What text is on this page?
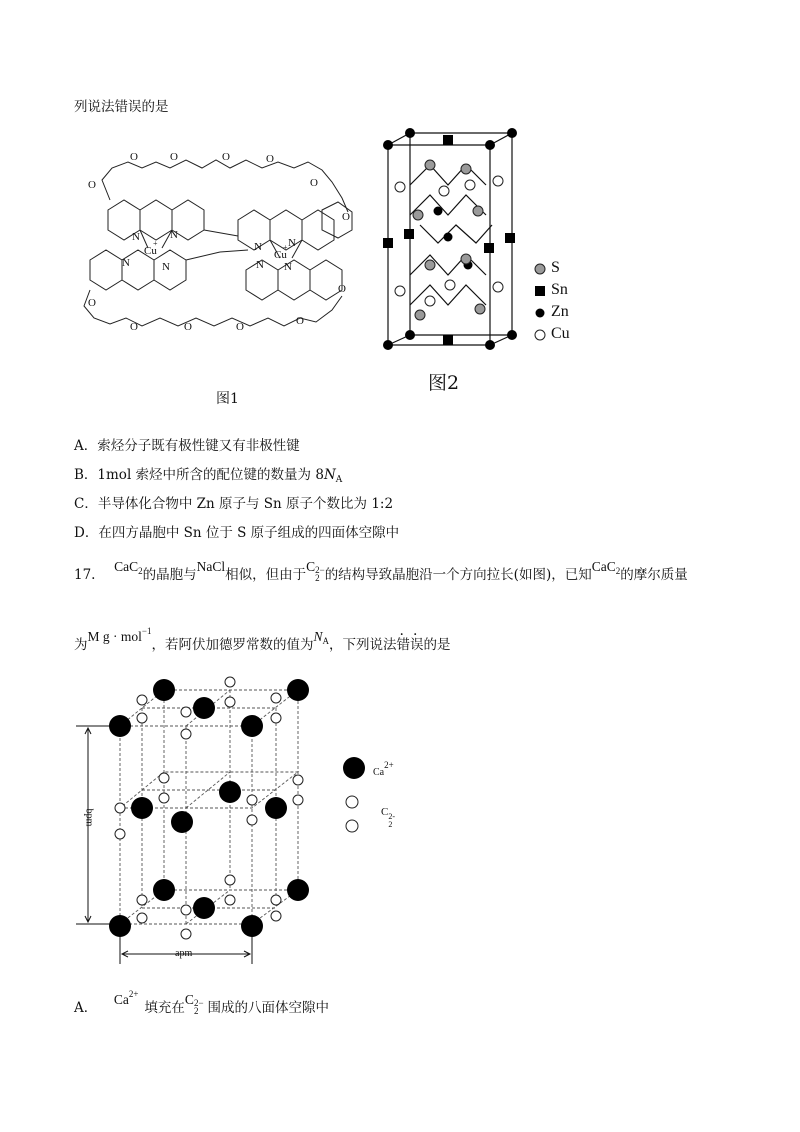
列说法错误的是
O
O	O	O	O
O
O
O
O	O	O	O
O
N	N
N	N
N N
N N
Cu
+
Cu
+
图1
S
Sn
Zn
Cu
图2
A．索烃分子既有极性键又有非极性键
B．1mol 索烃中所含的配位键的数量为 $8N_A$
C．半导体化合物中 Zn 原子与 Sn 原子个数比为 1:2
D．在四方晶胞中 Sn 位于 S 原子组成的四面体空隙中
17.  CaC$_2$的晶胞与NaCl相似，但由于C 2−
2 的结构导致晶胞沿一个方向拉长(如图)，已知CaC$_2$的摩尔质量
为M g · mol$^{-1}$，若阿伏加德罗常数的值为$N_A$，下列说法错误的是
bpm
apm
Ca2+
C 2-
2
A．  $Ca^{2+}$填充在C 2−
2 围成的八面体空隙中
